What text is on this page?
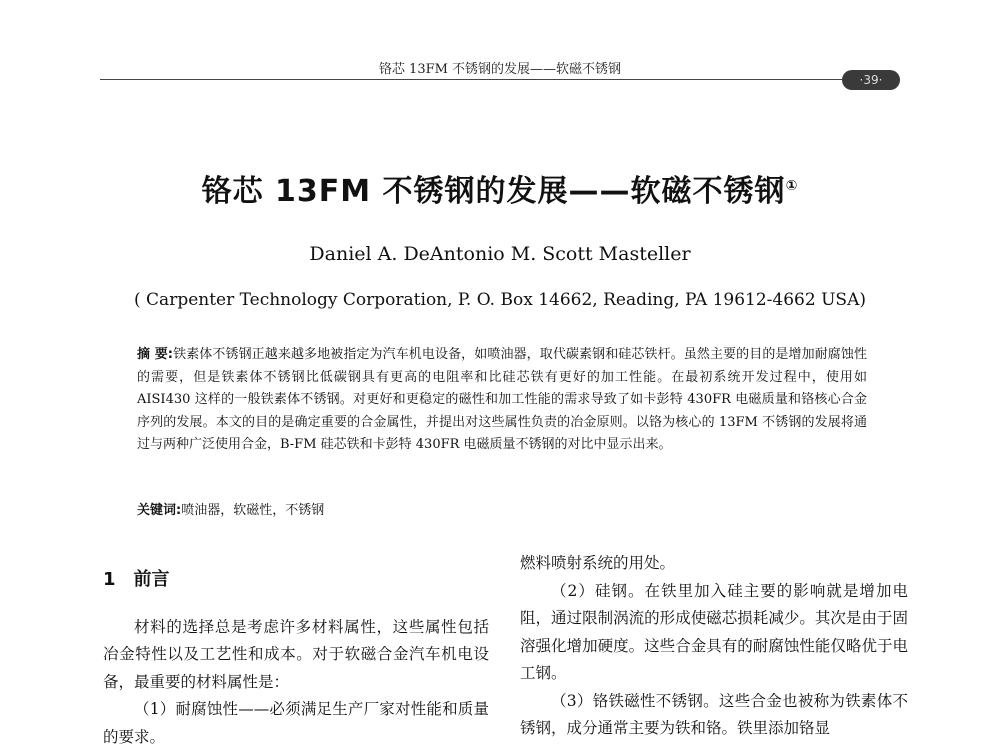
铬芯 13FM 不锈钢的发展——软磁不锈钢
·39·
铬芯 13FM 不锈钢的发展——软磁不锈钢①
Daniel A. DeAntonio M. Scott Masteller
( Carpenter Technology Corporation, P. O. Box 14662, Reading, PA 19612-4662 USA)
摘 要:铁素体不锈钢正越来越多地被指定为汽车机电设备，如喷油器，取代碳素钢和硅芯铁杆。虽然主要的目的是增加耐腐蚀性的需要，但是铁素体不锈钢比低碳钢具有更高的电阻率和比硅芯铁有更好的加工性能。在最初系统开发过程中，使用如 AISI430 这样的一般铁素体不锈钢。对更好和更稳定的磁性和加工性能的需求导致了如卡彭特 430FR 电磁质量和铬核心合金序列的发展。本文的目的是确定重要的合金属性，并提出对这些属性负责的冶金原则。以铬为核心的 13FM 不锈钢的发展将通过与两种广泛使用合金，B-FM 硅芯铁和卡彭特 430FR 电磁质量不锈钢的对比中显示出来。
关键词:喷油器，软磁性，不锈钢
1 前言

材料的选择总是考虑许多材料属性，这些属性包括冶金特性以及工艺性和成本。对于软磁合金汽车机电设备，最重要的材料属性是：

（1）耐腐蚀性——必须满足生产厂家对性能和质量的要求。

燃料喷射系统的用处。

（2）硅钢。在铁里加入硅主要的影响就是增加电阻，通过限制涡流的形成使磁芯损耗减少。其次是由于固溶强化增加硬度。这些合金具有的耐腐蚀性能仅略优于电工钢。

（3）铬铁磁性不锈钢。这些合金也被称为铁素体不锈钢，成分通常主要为铁和铬。铁里添加铬显
